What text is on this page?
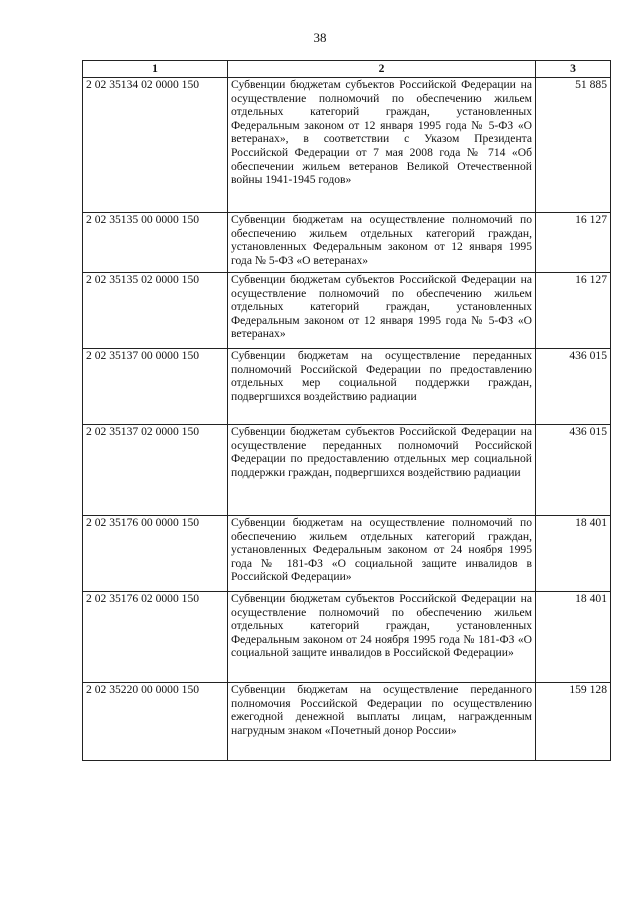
38
1	2	3
2 02 35134 02 0000 150	Субвенции бюджетам субъектов Российской Федерации на осуществление полномочий по обеспечению жильем отдельных категорий граждан, установленных Федеральным законом от 12 января 1995 года № 5-ФЗ «О ветеранах», в соответствии с Указом Президента Российской Федерации от 7 мая 2008 года № 714 «Об обеспечении жильем ветеранов Великой Отечественной войны 1941-1945 годов»	51 885
2 02 35135 00 0000 150	Субвенции бюджетам на осуществление полномочий по обеспечению жильем отдельных категорий граждан, установленных Федеральным законом от 12 января 1995 года № 5-ФЗ «О ветеранах»	16 127
2 02 35135 02 0000 150	Субвенции бюджетам субъектов Российской Федерации на осуществление полномочий по обеспечению жильем отдельных категорий граждан, установленных Федеральным законом от 12 января 1995 года № 5-ФЗ «О ветеранах»	16 127
2 02 35137 00 0000 150	Субвенции бюджетам на осуществление переданных полномочий Российской Федерации по предоставлению отдельных мер социальной поддержки граждан, подвергшихся воздействию радиации	436 015
2 02 35137 02 0000 150	Субвенции бюджетам субъектов Российской Федерации на осуществление переданных полномочий Российской Федерации по предоставлению отдельных мер социальной поддержки граждан, подвергшихся воздействию радиации	436 015
2 02 35176 00 0000 150	Субвенции бюджетам на осуществление полномочий по обеспечению жильем отдельных категорий граждан, установленных Федеральным законом от 24 ноября 1995 года № 181-ФЗ «О социальной защите инвалидов в Российской Федерации»	18 401
2 02 35176 02 0000 150	Субвенции бюджетам субъектов Российской Федерации на осуществление полномочий по обеспечению жильем отдельных категорий граждан, установленных Федеральным законом от 24 ноября 1995 года № 181-ФЗ «О социальной защите инвалидов в Российской Федерации»	18 401
2 02 35220 00 0000 150	Субвенции бюджетам на осуществление переданного полномочия Российской Федерации по осуществлению ежегодной денежной выплаты лицам, награжденным нагрудным знаком «Почетный донор России»	159 128
